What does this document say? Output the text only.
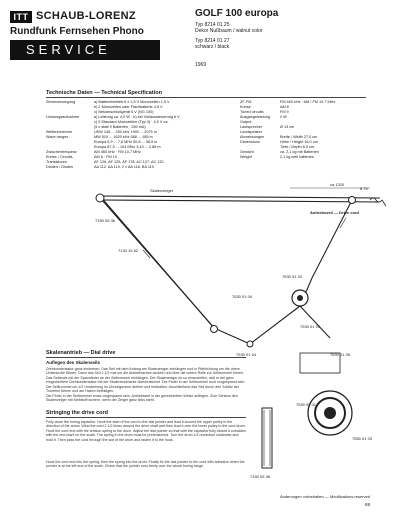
ITT SCHAUB-LORENZ
Rundfunk Fernsehen Phono
SERVICE
GOLF 100 europa
Typ 8214 01 25
Dekor Nußbaum / walnut color
Typ 8214 01 27
schwarz / black
1969
Technische Daten — Technical Specification
Stromversorgung	a) Batteriebetrieb 6 x 1,5 V Monozellen 1,5 V
b) 2 Monozellen oder Flachbatterie 4,5 V
c) Netzanschlußgerät 6 V (NG 100)
Leistungsaufnahme	a) Leistung ca. 4,0 W · b) bei Vollaussteuerung 6 V
c) 9 Standard Monozellen (Typ 3) · 4,5 V ca.
(5 x statt 9 Batterien · 250 mA)
Wellenbereiche	UKW 146 ... 250 kHz 1900 ... 2075 m
Wave ranges	MW 510 ... 1620 kHz 588 ... 185 m
Europa 5,9 ... 7,8 MHz 50,8 ... 38,5 m
Europa 87,5 ... 104 MHz 3,43 ... 2,88 m
Zwischenfrequenz	AM 460 kHz · FM 10,7 MHz
Kreise / Circuits	AM 6 · FM 10
Transistoren	AF 126, AF 125, AF 178, AC 127, AC 132
Dioden / Diodes	AA 112, AA 119, 2 x AA 118, BA 110
ZF-FM	FM 460 kHz · AM / FM 10,7 MHz
Kreise	AM 6
Tuned circuits	FM 9
Ausgangsleistung	2 W
Output
Lautsprecher	Ø 13 cm
Loudspeaker
Abmessungen	Breite / Width 27,0 cm
Dimensions	Höhe / Height 16,0 cm
Tiefe / Depth 8,0 cm
Gewicht	ca. 2,1 kg mit Batterien
Weight	2,1 kg with batteries
ca 1320
Antriebsseil — Drive cord
7150 05 36
7130 15 62
7530 01 04
7530 01 03
7530 01 03
7530 01 04
7530 05 01
7150 05 36
7530 01 05
7550 01 03
8 74
Skalenzeiger
Skalenantrieb — Dial drive
Auflegen des Skalenseils
Drehkondensator ganz eindrehen. Das Seil mit dem Anfang am Skalenzeiger einhängen und in Pfeilrichtung um die obere Umlenkrolle führen. Dann das Seil 2 1/2 mal um die Antriebsachse wickeln und über die untere Rolle zur Seiltrommel führen. Das Seilende mit der Spannfeder an der Seiltrommel einhängen. Der Skalenzeiger ist so einzustellen, daß er bei ganz eingedrehtem Drehkondensator mit der Skalenendmarke übereinstimmt. Die Feder in der Seiltrommel muß vorgespannt sein. Die Seiltrommel um 1/2 Umdrehung im Uhrzeigersinn drehen und festhalten. Anschließend das Seil durch den Schlitz der Trommel führen und am Haken befestigen.
Die Feder in der Seiltrommel muss vorgespannt sein. Antriebsseil in der gezeichneten Weise auflegen. Zum Schluss den Skalenzeiger mit Klebstoff sichern, wenn der Zeiger ganz links steht.
Stringing the drive cord
Fully close the tuning capacitor. Hook the start of the cord to the dial pointer and lead it around the upper pulley in the direction of the arrow. Wind the cord 2 1/2 times around the drive shaft and then lead it over the lower pulley to the cord drum. Hook the cord end with the tension spring to the drum. Adjust the dial pointer so that with the capacitor fully closed it coincides with the end mark on the scale. The spring in the drum must be pretensioned. Turn the drum 1/2 revolution clockwise and hold it. Then pass the cord through the slot of the drum and fasten it to the hook.
Hook the cord end into the spring, then the spring into the drum. Finally fix the dial pointer to the cord with adhesive when the pointer is at the left end of the scale. Check that the pointer runs freely over the whole tuning range.
Änderungen vorbehalten — Modifications reserved
69
